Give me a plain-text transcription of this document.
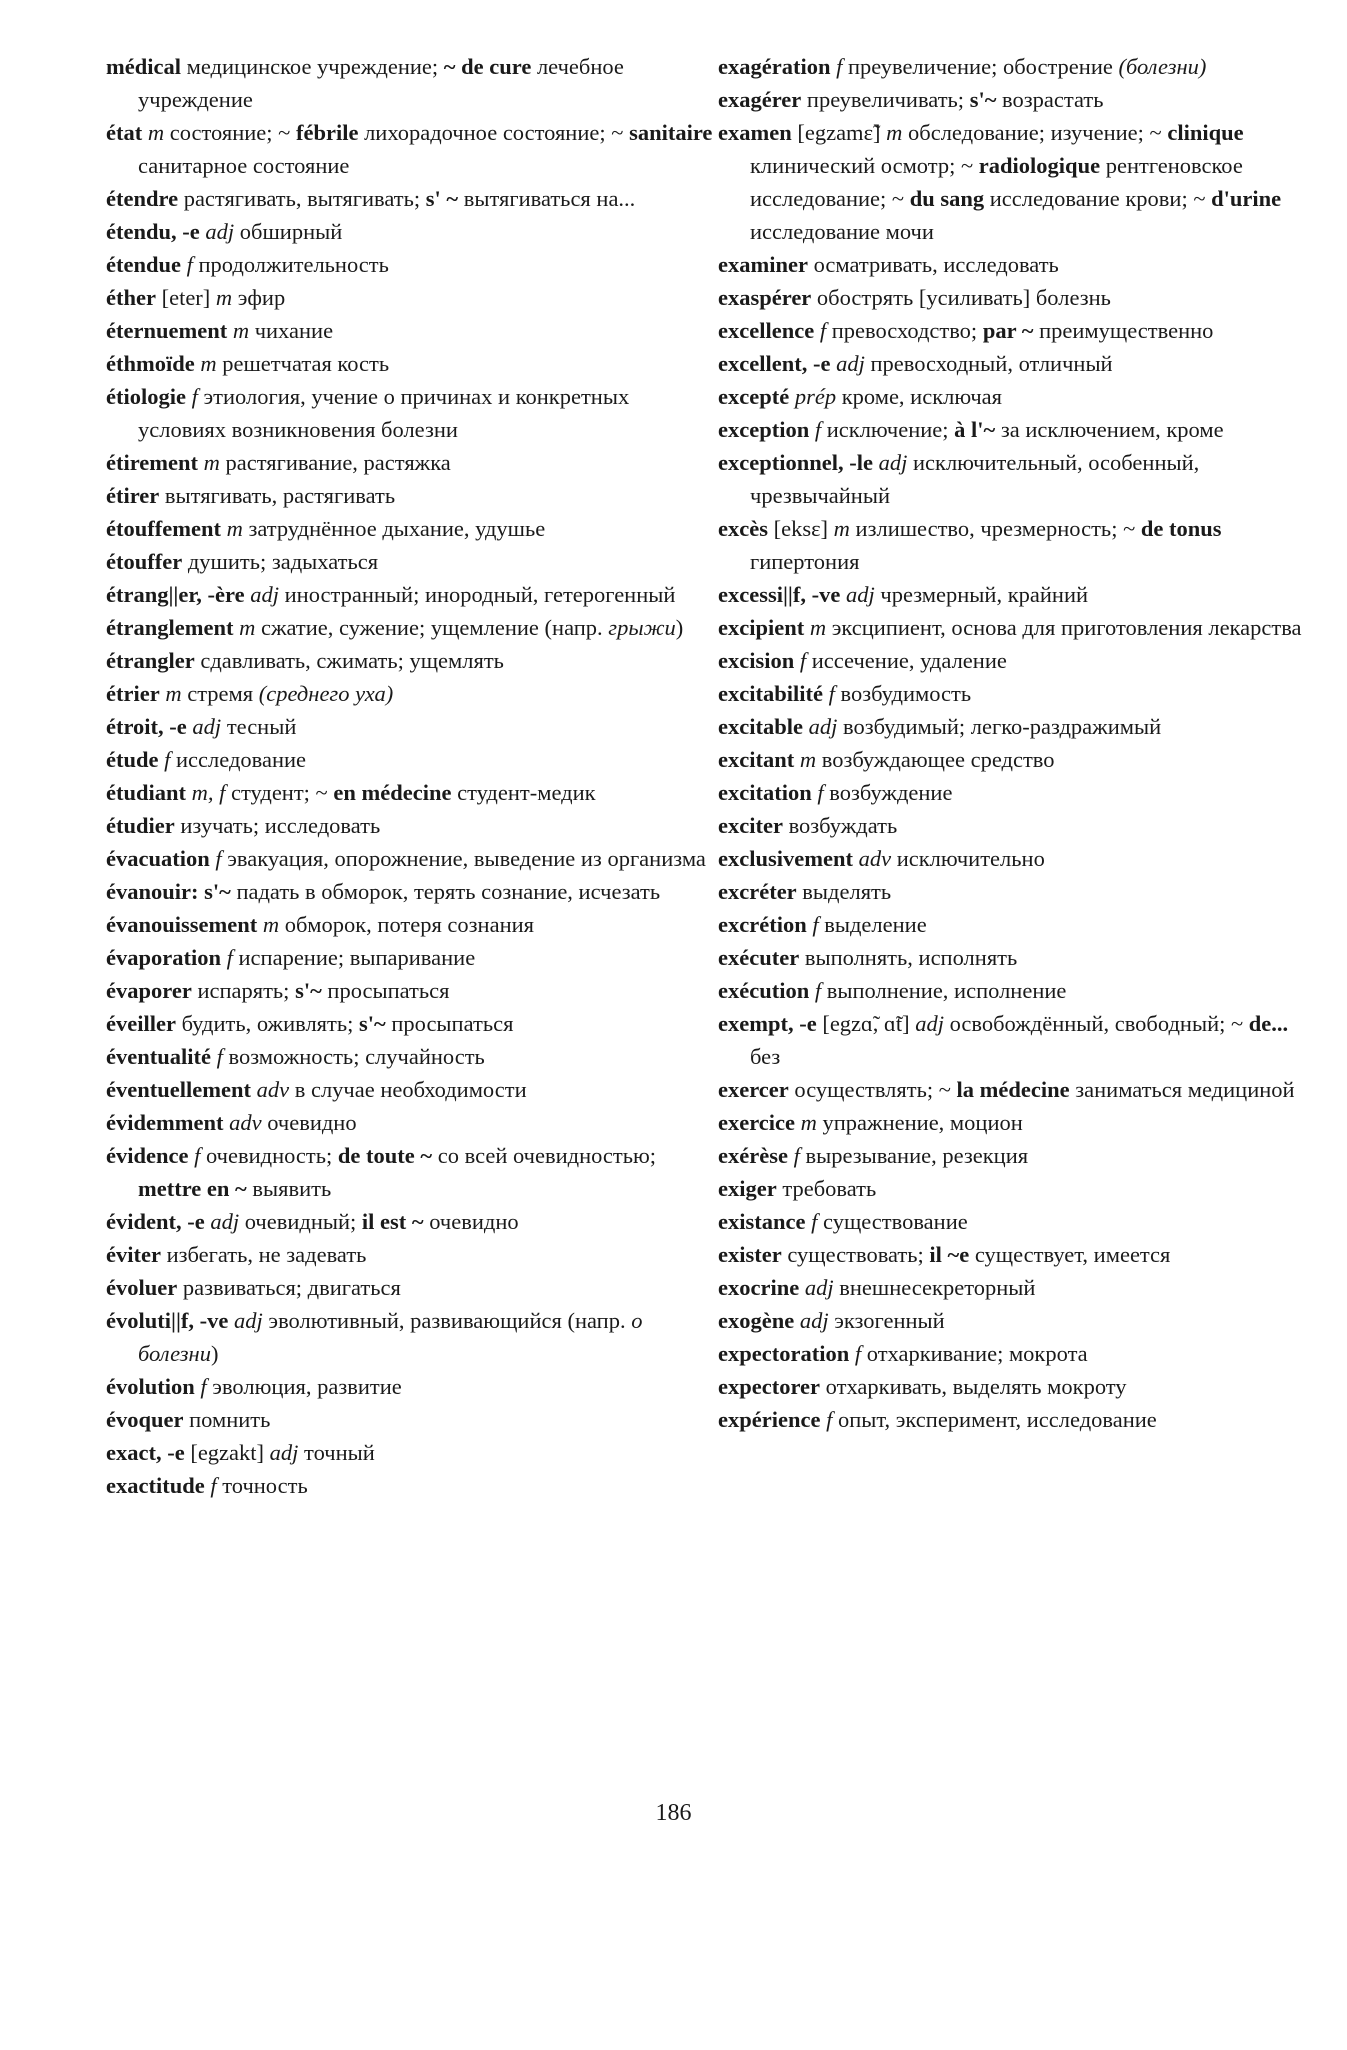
médical медицинское учреждение; ~ de cure лечебное учреждение

état m состояние; ~ fébrile лихорадочное состояние; ~ sanitaire санитарное состояние

étendre растягивать, вытягивать; s' ~ вытягиваться на...

étendu, -e adj обширный

étendue f продолжительность

éther [eter] m эфир

éternuement m чихание

éthmoïde m решетчатая кость

étiologie f этиология, учение о причинах и конкретных условиях возникновения болезни

étirement m растягивание, растяжка

étirer вытягивать, растягивать

étouffement m затруднённое дыхание, удушье

étouffer душить; задыхаться

étrang||er, -ère adj иностранный; инородный, гетерогенный

étranglement m сжатие, сужение; ущемление (напр. грыжи)

étrangler сдавливать, сжимать; ущемлять

étrier m стремя (среднего уха)

étroit, -e adj тесный

étude f исследование

étudiant m, f студент; ~ en médecine студент-медик

étudier изучать; исследовать

évacuation f эвакуация, опорожнение, выведение из организма

évanouir: s'~ падать в обморок, терять сознание, исчезать

évanouissement m обморок, потеря сознания

évaporation f испарение; выпаривание

évaporer испарять; s'~ просыпаться

éveiller будить, оживлять; s'~ просыпаться

éventualité f возможность; случайность

éventuellement adv в случае необходимости

évidemment adv очевидно

évidence f очевидность; de toute ~ со всей очевидностью; mettre en ~ выявить

évident, -e adj очевидный; il est ~ очевидно

éviter избегать, не задевать

évoluer развиваться; двигаться

évoluti||f, -ve adj эволютивный, развивающийся (напр. о болезни)

évolution f эволюция, развитие

évoquer помнить

exact, -e [egzakt] adj точный

exactitude f точность

exagération f преувеличение; обострение (болезни)

exagérer преувеличивать; s'~ возрастать

examen [egzamɛ̃] m обследование; изучение; ~ clinique клинический осмотр; ~ radiologique рентгеновское исследование; ~ du sang исследование крови; ~ d'urine исследование мочи

examiner осматривать, исследовать

exaspérer обострять [усиливать] болезнь

excellence f превосходство; par ~ преимущественно

excellent, -e adj превосходный, отличный

excepté prép кроме, исключая

exception f исключение; à l'~ за исключением, кроме

exceptionnel, -le adj исключительный, особенный, чрезвычайный

excès [eksɛ] m излишество, чрезмерность; ~ de tonus гипертония

excessi||f, -ve adj чрезмерный, крайний

excipient m эксципиент, основа для приготовления лекарства

excision f иссечение, удаление

excitabilité f возбудимость

excitable adj возбудимый; легко-раздражимый

excitant m возбуждающее средство

excitation f возбуждение

exciter возбуждать

exclusivement adv исключительно

excréter выделять

excrétion f выделение

exécuter выполнять, исполнять

exécution f выполнение, исполнение

exempt, -e [egzɑ̃, ɑ̃t] adj освобождённый, свободный; ~ de... без

exercer осуществлять; ~ la médecine заниматься медициной

exercice m упражнение, моцион

exérèse f вырезывание, резекция

exiger требовать

existance f существование

exister существовать; il ~e существует, имеется

exocrine adj внешнесекреторный

exogène adj экзогенный

expectoration f отхаркивание; мокрота

expectorer отхаркивать, выделять мокроту

expérience f опыт, эксперимент, исследование

186
